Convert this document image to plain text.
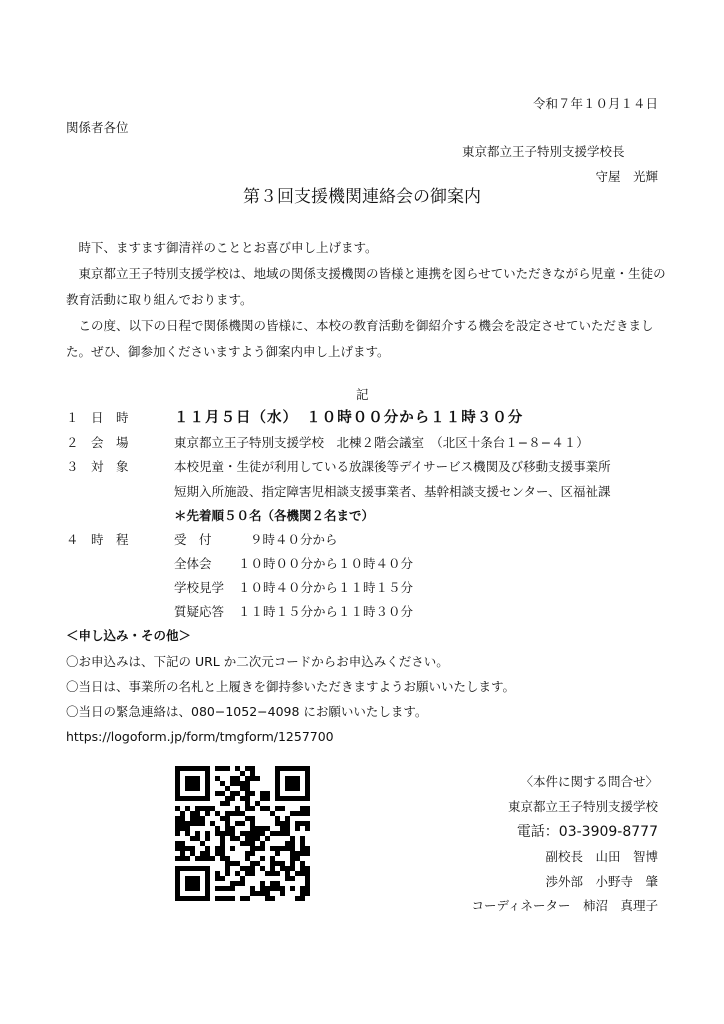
令和７年１０月１４日
関係者各位
東京都立王子特別支援学校長
守屋　光輝
第３回支援機関連絡会の御案内

時下、ますます御清祥のこととお喜び申し上げます。

東京都立王子特別支援学校は、地域の関係支援機関の皆様と連携を図らせていただきながら児童・生徒の教育活動に取り組んでおります。

この度、以下の日程で関係機関の皆様に、本校の教育活動を御紹介する機会を設定させていただきました。ぜひ、御参加くださいますよう御案内申し上げます。

記
１　日　時	１１月５日（水）　１０時００分から１１時３０分
２　会　場	東京都立王子特別支援学校　北棟２階会議室　（北区十条台１−８−４１）
３　対　象	本校児童・生徒が利用している放課後等デイサービス機関及び移動支援事業所
短期入所施設、指定障害児相談支援事業者、基幹相談支援センター、区福祉課
＊先着順５０名（各機関２名まで）
４　時　程	受　付	９時４０分から
全体会 １０時００分から１０時４０分
学校見学 １０時４０分から１１時１５分
質疑応答 １１時１５分から１１時３０分
＜申し込み・その他＞
〇お申込みは、下記の URL か二次元コードからお申込みください。
〇当日は、事業所の名札と上履きを御持参いただきますようお願いいたします。
〇当日の緊急連絡は、080−1052−4098 にお願いいたします。
https://logoform.jp/form/tmgform/1257700
〈本件に関する問合せ〉
東京都立王子特別支援学校
電話：03-3909-8777
副校長　山田　智博
渉外部　小野寺　肇
コーディネーター　柿沼　真理子
